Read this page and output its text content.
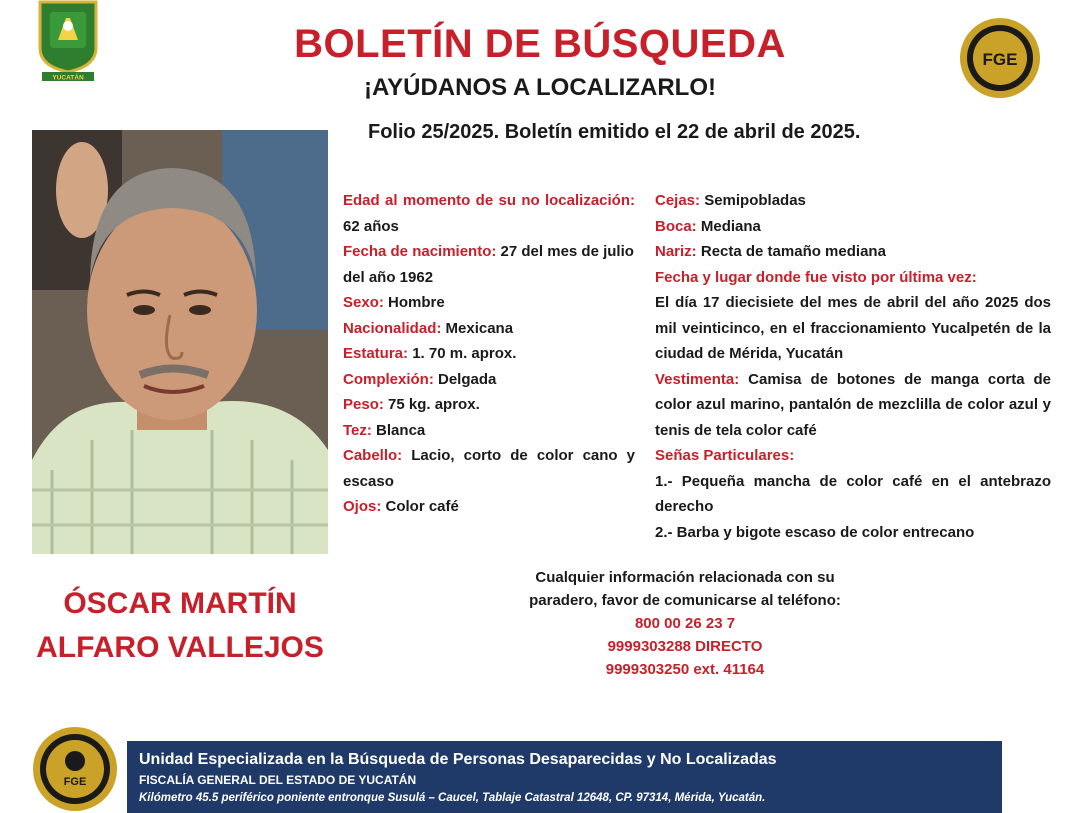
YUCATÁN
BOLETÍN DE BÚSQUEDA
¡AYÚDANOS A LOCALIZARLO!
FGE
Folio 25/2025. Boletín emitido el 22 de abril de 2025.
Edad al momento de su no localización: 62 años
Fecha de nacimiento: 27 del mes de julio del año 1962
Sexo: Hombre
Nacionalidad: Mexicana
Estatura: 1. 70 m. aprox.
Complexión: Delgada
Peso: 75 kg. aprox.
Tez: Blanca
Cabello: Lacio, corto de color cano y escaso
Ojos: Color café
Cejas: Semipobladas
Boca: Mediana
Nariz: Recta de tamaño mediana
Fecha y lugar donde fue visto por última vez:
El día 17 diecisiete del mes de abril del año 2025 dos mil veinticinco, en el fraccionamiento Yucalpetén de la ciudad de Mérida, Yucatán
Vestimenta: Camisa de botones de manga corta de color azul marino, pantalón de mezclilla de color azul y tenis de tela color café
Señas Particulares:
1.- Pequeña mancha de color café en el antebrazo derecho
2.- Barba y bigote escaso de color entrecano
ÓSCAR MARTÍN
ALFARO VALLEJOS
Cualquier información relacionada con su
paradero, favor de comunicarse al teléfono:
800 00 26 23 7
9999303288 DIRECTO
9999303250 ext. 41164
FGE
Unidad Especializada en la Búsqueda de Personas Desaparecidas y No Localizadas
FISCALÍA GENERAL DEL ESTADO DE YUCATÁN
Kilómetro 45.5 periférico poniente entronque Susulá – Caucel, Tablaje Catastral 12648, CP. 97314, Mérida, Yucatán.
